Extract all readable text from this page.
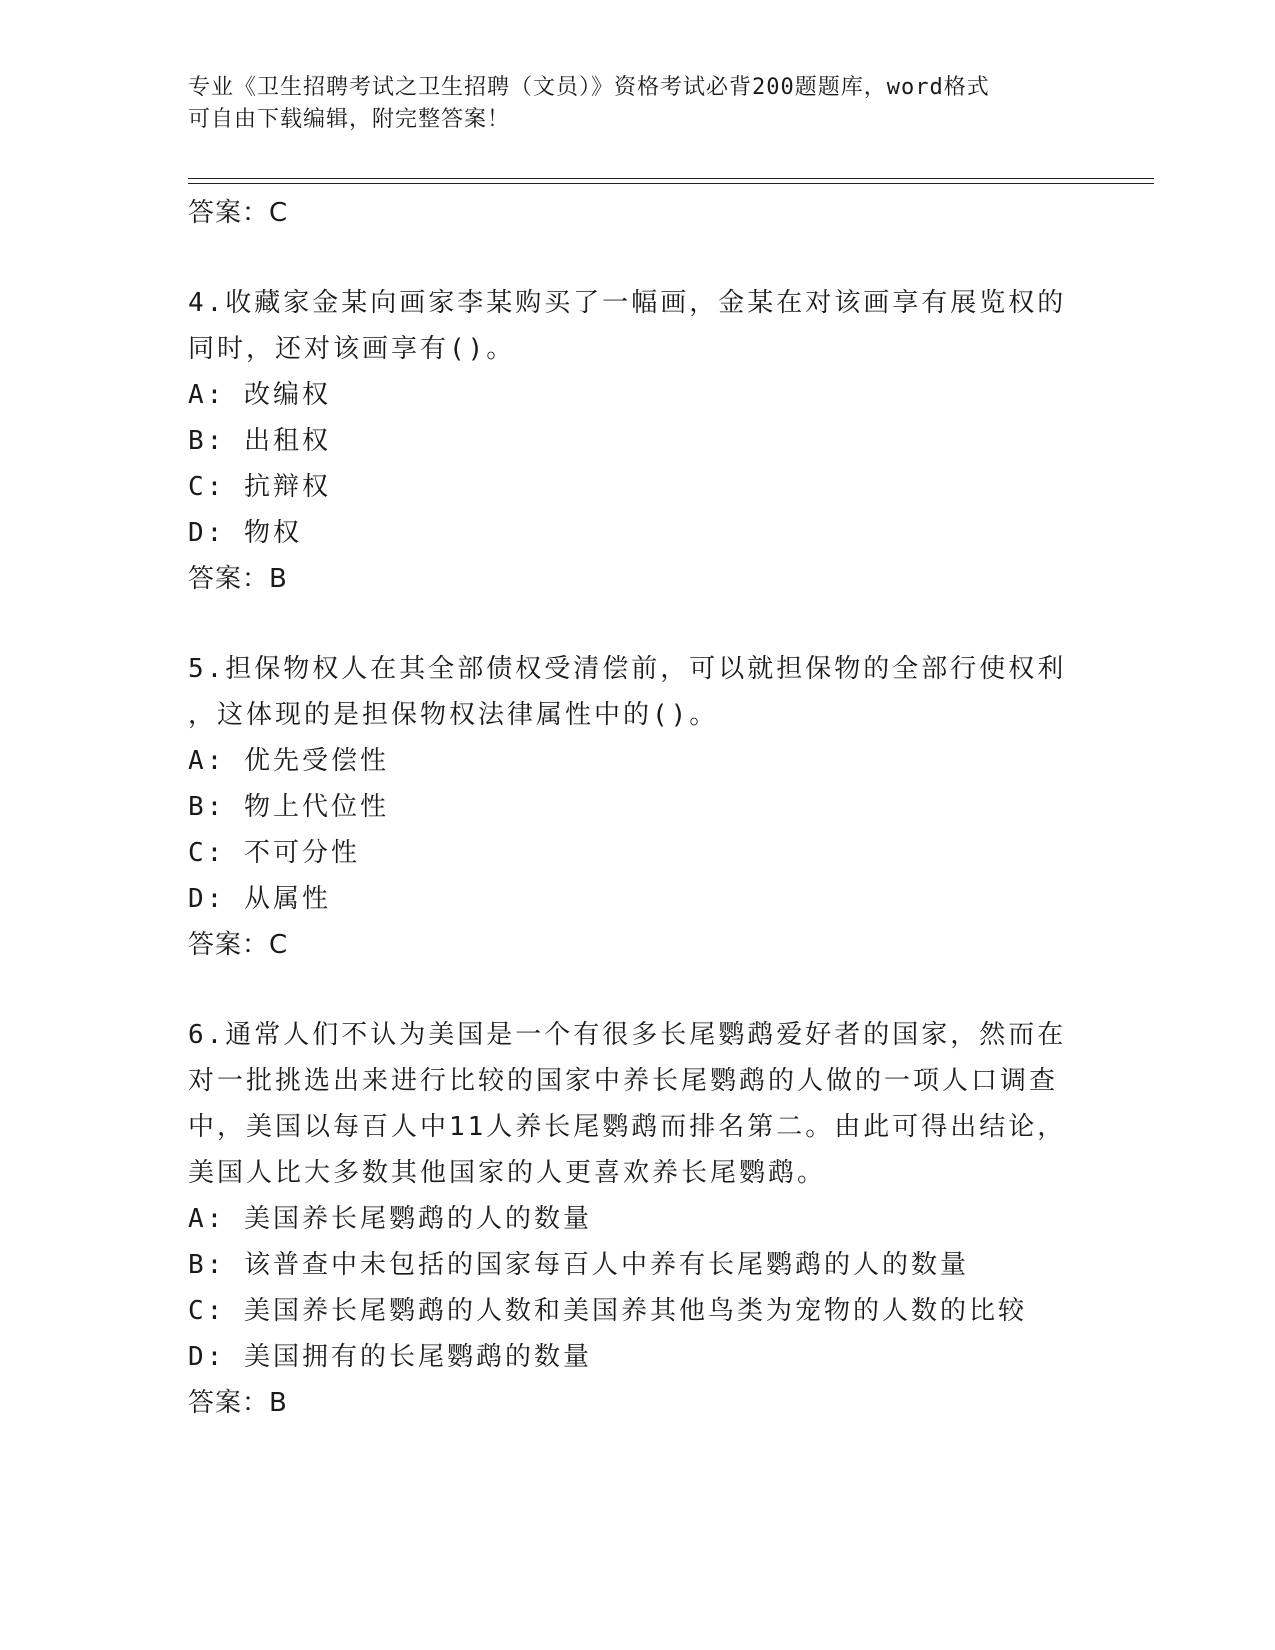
专业《卫生招聘考试之卫生招聘（文员）》资格考试必背200题题库，word格式
可自由下载编辑，附完整答案！
答案：C
4.收藏家金某向画家李某购买了一幅画，金某在对该画享有展览权的
同时，还对该画享有()。
A: 改编权
B: 出租权
C: 抗辩权
D: 物权
答案：B
5.担保物权人在其全部债权受清偿前，可以就担保物的全部行使权利
，这体现的是担保物权法律属性中的()。
A: 优先受偿性
B: 物上代位性
C: 不可分性
D: 从属性
答案：C
6.通常人们不认为美国是一个有很多长尾鹦鹉爱好者的国家，然而在
对一批挑选出来进行比较的国家中养长尾鹦鹉的人做的一项人口调查
中，美国以每百人中11人养长尾鹦鹉而排名第二。由此可得出结论，
美国人比大多数其他国家的人更喜欢养长尾鹦鹉。
A: 美国养长尾鹦鹉的人的数量
B: 该普查中未包括的国家每百人中养有长尾鹦鹉的人的数量
C: 美国养长尾鹦鹉的人数和美国养其他鸟类为宠物的人数的比较
D: 美国拥有的长尾鹦鹉的数量
答案：B
